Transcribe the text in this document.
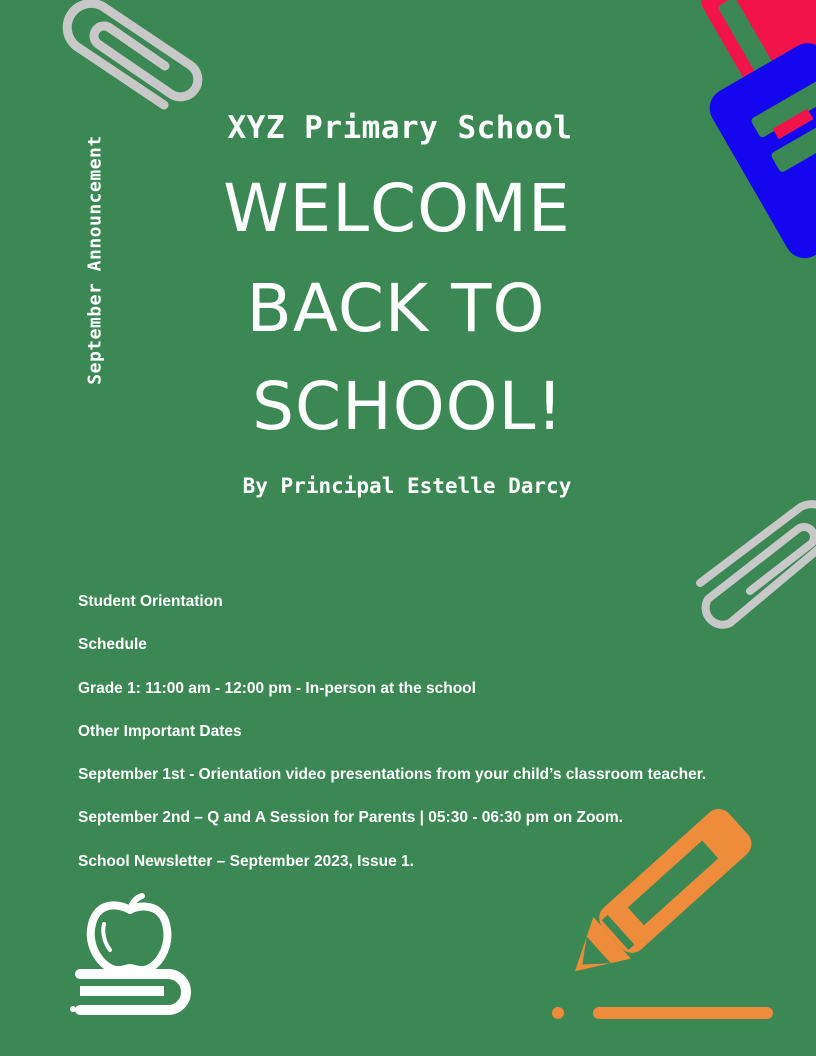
September Announcement
XYZ Primary School
WELCOME
BACK TO
SCHOOL!
By Principal Estelle Darcy
Student Orientation
Schedule
Grade 1: 11:00 am - 12:00 pm - In-person at the school
Other Important Dates
September 1st - Orientation video presentations from your child’s classroom teacher.
September 2nd – Q and A Session for Parents | 05:30 - 06:30 pm on Zoom.
School Newsletter – September 2023, Issue 1.
